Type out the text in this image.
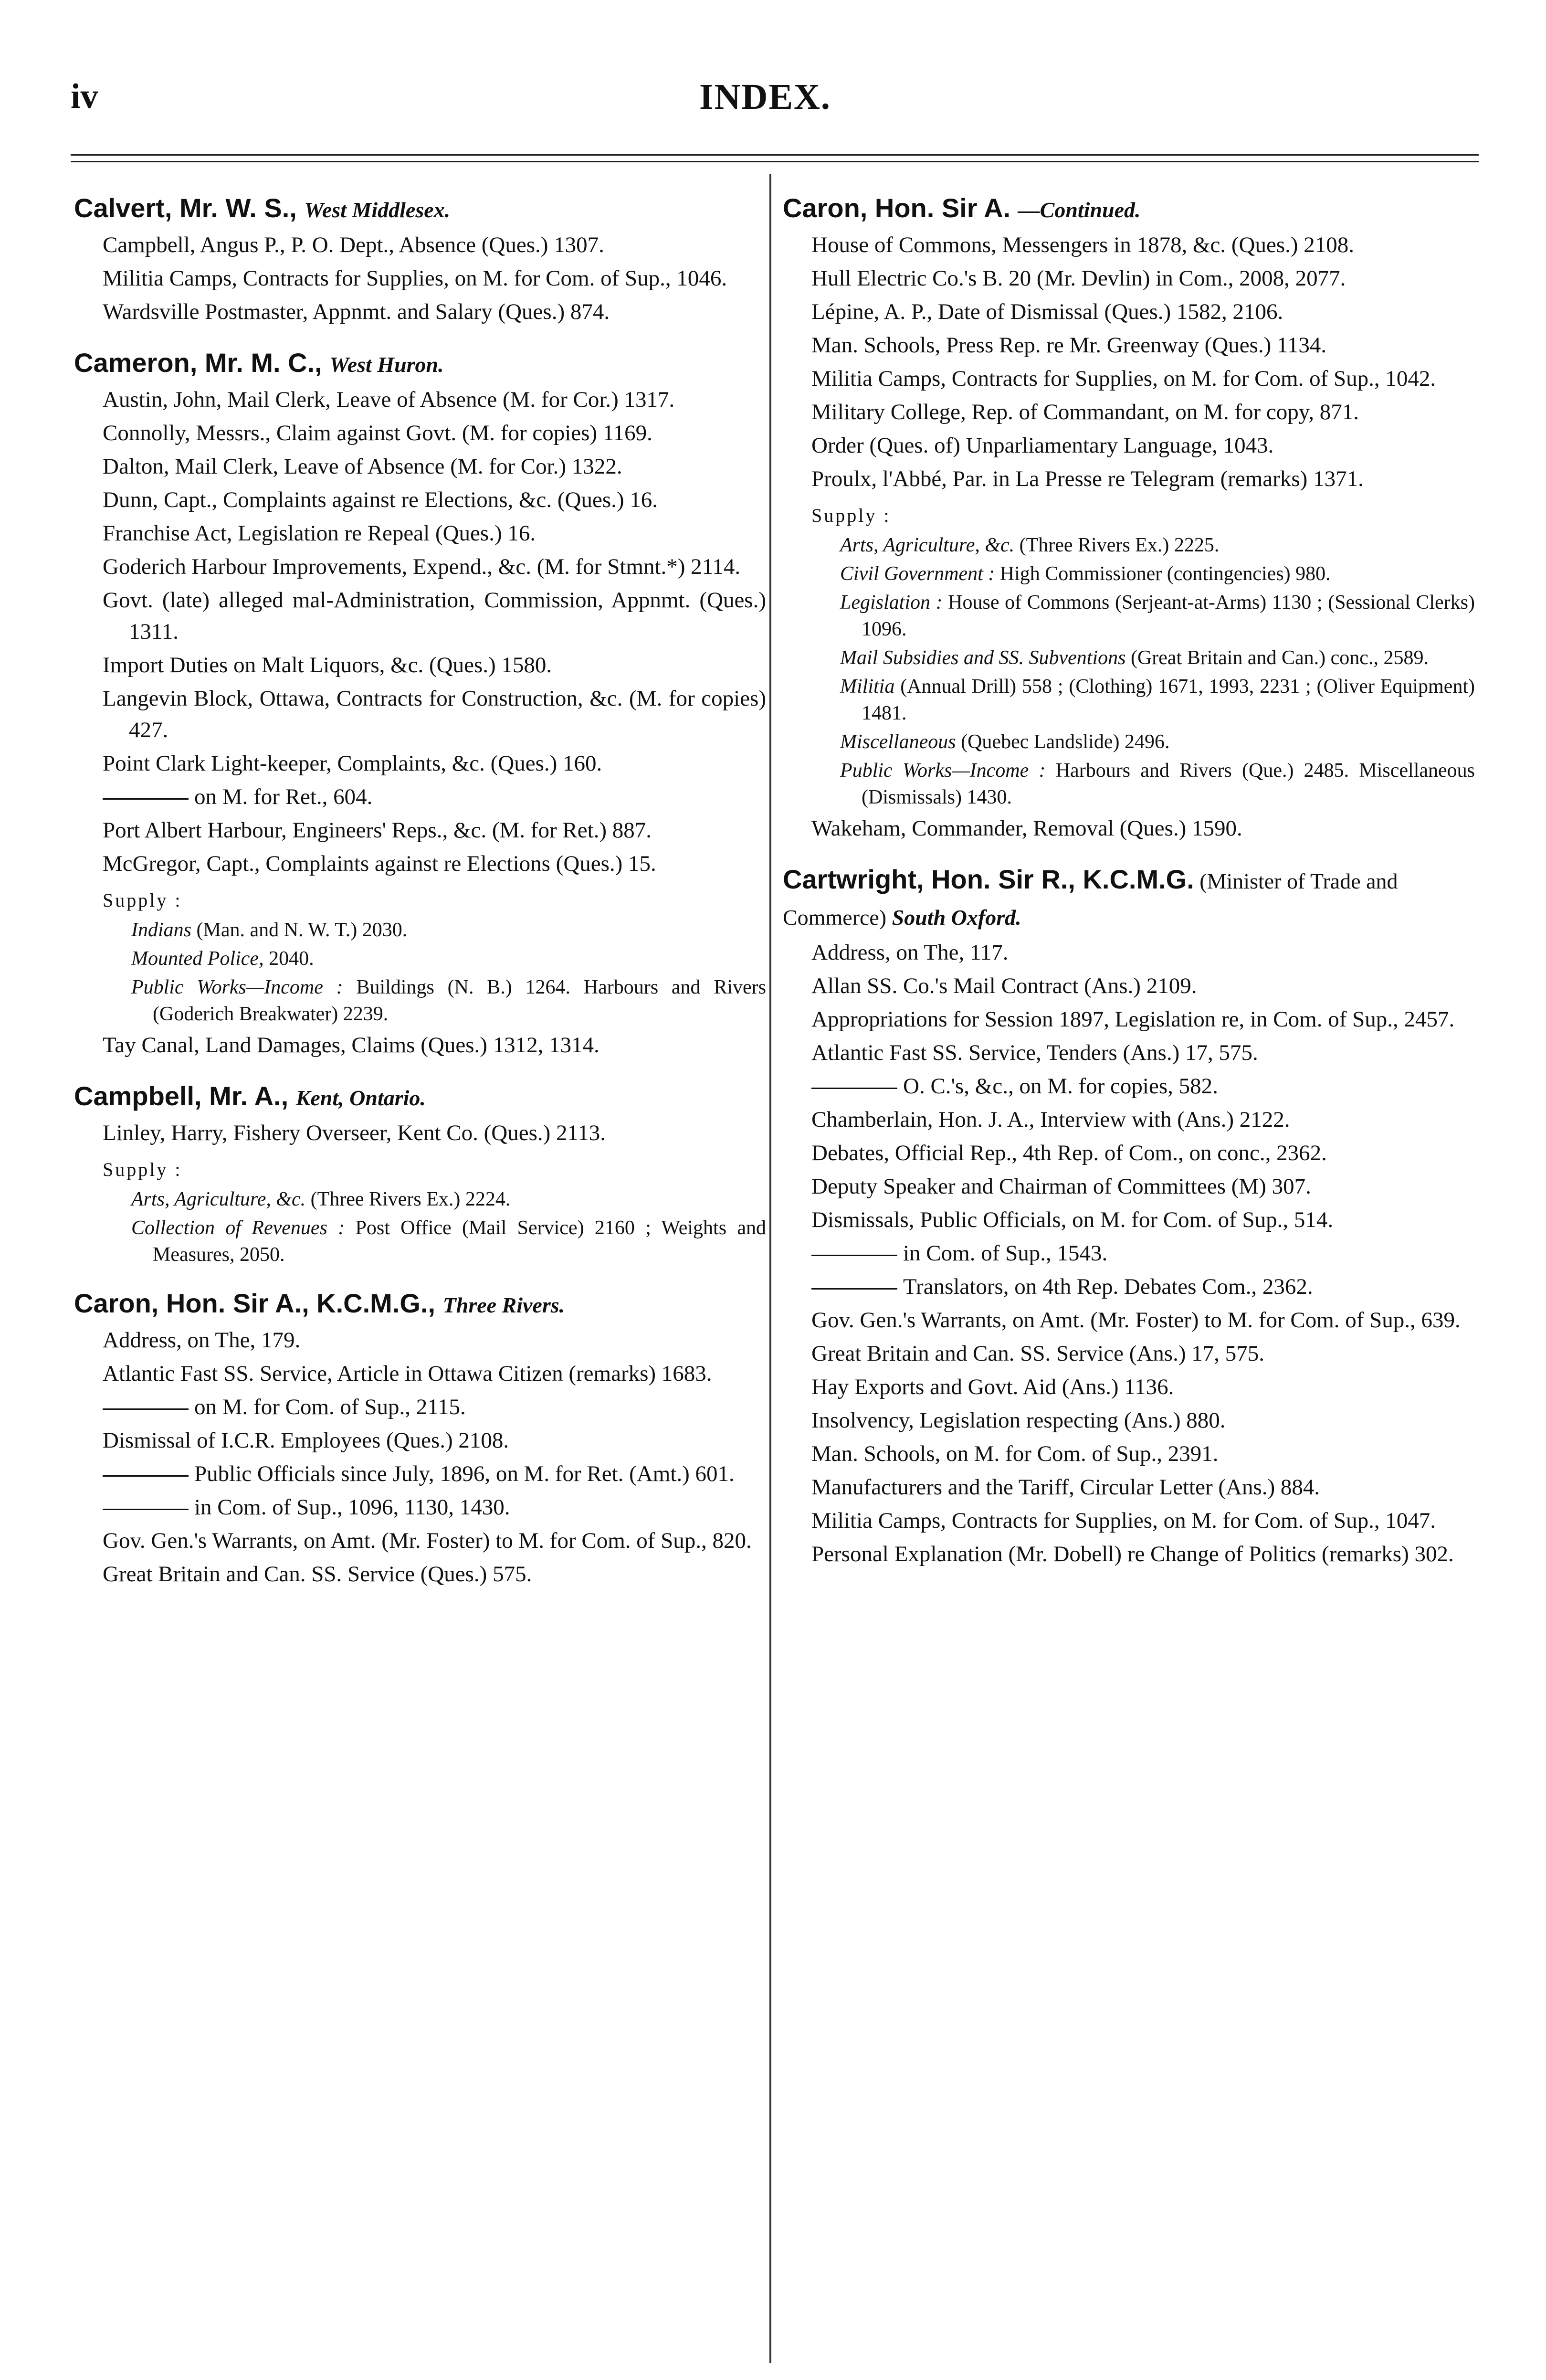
iv	INDEX.
Calvert, Mr. W. S., West Middlesex.
Campbell, Angus P., P. O. Dept., Absence (Ques.) 1307.
Militia Camps, Contracts for Supplies, on M. for Com. of Sup., 1046.
Wardsville Postmaster, Appnmt. and Salary (Ques.) 874.
Cameron, Mr. M. C., West Huron.
Austin, John, Mail Clerk, Leave of Absence (M. for Cor.) 1317.
Connolly, Messrs., Claim against Govt. (M. for copies) 1169.
Dalton, Mail Clerk, Leave of Absence (M. for Cor.) 1322.
Dunn, Capt., Complaints against re Elections, &c. (Ques.) 16.
Franchise Act, Legislation re Repeal (Ques.) 16.
Goderich Harbour Improvements, Expend., &c. (M. for Stmnt.*) 2114.
Govt. (late) alleged mal-Administration, Commission, Appnmt. (Ques.) 1311.
Import Duties on Malt Liquors, &c. (Ques.) 1580.
Langevin Block, Ottawa, Contracts for Construction, &c. (M. for copies) 427.
Point Clark Light-keeper, Complaints, &c. (Ques.) 160.
on M. for Ret., 604.
Port Albert Harbour, Engineers' Reps., &c. (M. for Ret.) 887.
McGregor, Capt., Complaints against re Elections (Ques.) 15.
Supply :
Indians (Man. and N. W. T.) 2030.
Mounted Police, 2040.
Public Works—Income : Buildings (N. B.) 1264. Harbours and Rivers (Goderich Breakwater) 2239.
Tay Canal, Land Damages, Claims (Ques.) 1312, 1314.
Campbell, Mr. A., Kent, Ontario.
Linley, Harry, Fishery Overseer, Kent Co. (Ques.) 2113.
Supply :
Arts, Agriculture, &c. (Three Rivers Ex.) 2224.
Collection of Revenues : Post Office (Mail Service) 2160 ; Weights and Measures, 2050.
Caron, Hon. Sir A., K.C.M.G., Three Rivers.
Address, on The, 179.
Atlantic Fast SS. Service, Article in Ottawa Citizen (remarks) 1683.
on M. for Com. of Sup., 2115.
Dismissal of I.C.R. Employees (Ques.) 2108.
Public Officials since July, 1896, on M. for Ret. (Amt.) 601.
in Com. of Sup., 1096, 1130, 1430.
Gov. Gen.'s Warrants, on Amt. (Mr. Foster) to M. for Com. of Sup., 820.
Great Britain and Can. SS. Service (Ques.) 575.
Caron, Hon. Sir A. —Continued.
House of Commons, Messengers in 1878, &c. (Ques.) 2108.
Hull Electric Co.'s B. 20 (Mr. Devlin) in Com., 2008, 2077.
Lépine, A. P., Date of Dismissal (Ques.) 1582, 2106.
Man. Schools, Press Rep. re Mr. Greenway (Ques.) 1134.
Militia Camps, Contracts for Supplies, on M. for Com. of Sup., 1042.
Military College, Rep. of Commandant, on M. for copy, 871.
Order (Ques. of) Unparliamentary Language, 1043.
Proulx, l'Abbé, Par. in La Presse re Telegram (remarks) 1371.
Supply :
Arts, Agriculture, &c. (Three Rivers Ex.) 2225.
Civil Government : High Commissioner (contingencies) 980.
Legislation : House of Commons (Serjeant-at-Arms) 1130 ; (Sessional Clerks) 1096.
Mail Subsidies and SS. Subventions (Great Britain and Can.) conc., 2589.
Militia (Annual Drill) 558 ; (Clothing) 1671, 1993, 2231 ; (Oliver Equipment) 1481.
Miscellaneous (Quebec Landslide) 2496.
Public Works—Income : Harbours and Rivers (Que.) 2485. Miscellaneous (Dismissals) 1430.
Wakeham, Commander, Removal (Ques.) 1590.
Cartwright, Hon. Sir R., K.C.M.G. (Minister of Trade and Commerce) South Oxford.
Address, on The, 117.
Allan SS. Co.'s Mail Contract (Ans.) 2109.
Appropriations for Session 1897, Legislation re, in Com. of Sup., 2457.
Atlantic Fast SS. Service, Tenders (Ans.) 17, 575.
O. C.'s, &c., on M. for copies, 582.
Chamberlain, Hon. J. A., Interview with (Ans.) 2122.
Debates, Official Rep., 4th Rep. of Com., on conc., 2362.
Deputy Speaker and Chairman of Committees (M) 307.
Dismissals, Public Officials, on M. for Com. of Sup., 514.
in Com. of Sup., 1543.
Translators, on 4th Rep. Debates Com., 2362.
Gov. Gen.'s Warrants, on Amt. (Mr. Foster) to M. for Com. of Sup., 639.
Great Britain and Can. SS. Service (Ans.) 17, 575.
Hay Exports and Govt. Aid (Ans.) 1136.
Insolvency, Legislation respecting (Ans.) 880.
Man. Schools, on M. for Com. of Sup., 2391.
Manufacturers and the Tariff, Circular Letter (Ans.) 884.
Militia Camps, Contracts for Supplies, on M. for Com. of Sup., 1047.
Personal Explanation (Mr. Dobell) re Change of Politics (remarks) 302.
